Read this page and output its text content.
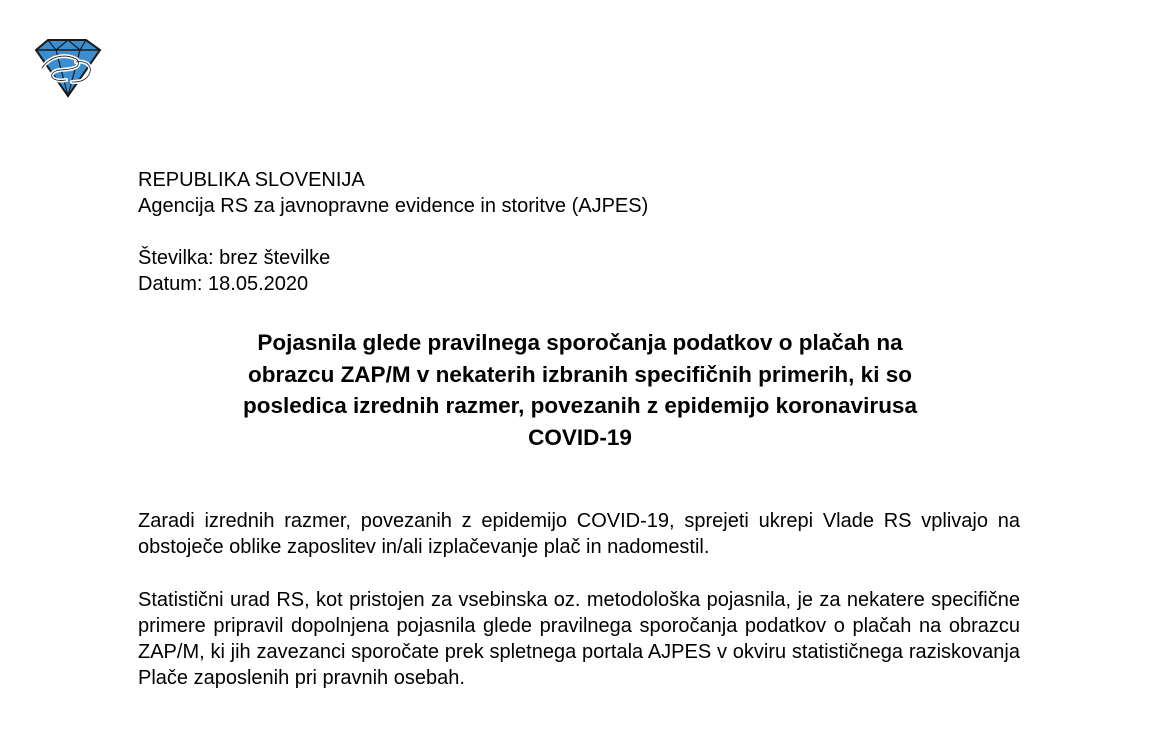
REPUBLIKA SLOVENIJA
Agencija RS za javnopravne evidence in storitve (AJPES)
Številka: brez številke
Datum: 18.05.2020
Pojasnila glede pravilnega sporočanja podatkov o plačah na
obrazcu ZAP/M v nekaterih izbranih specifičnih primerih, ki so
posledica izrednih razmer, povezanih z epidemijo koronavirusa
COVID-19
Zaradi izrednih razmer, povezanih z epidemijo COVID-19, sprejeti ukrepi Vlade RS vplivajo na obstoječe oblike zaposlitev in/ali izplačevanje plač in nadomestil.
Statistični urad RS, kot pristojen za vsebinska oz. metodološka pojasnila, je za nekatere specifične primere pripravil dopolnjena pojasnila glede pravilnega sporočanja podatkov o plačah na obrazcu ZAP/M, ki jih zavezanci sporočate prek spletnega portala AJPES v okviru statističnega raziskovanja Plače zaposlenih pri pravnih osebah.
